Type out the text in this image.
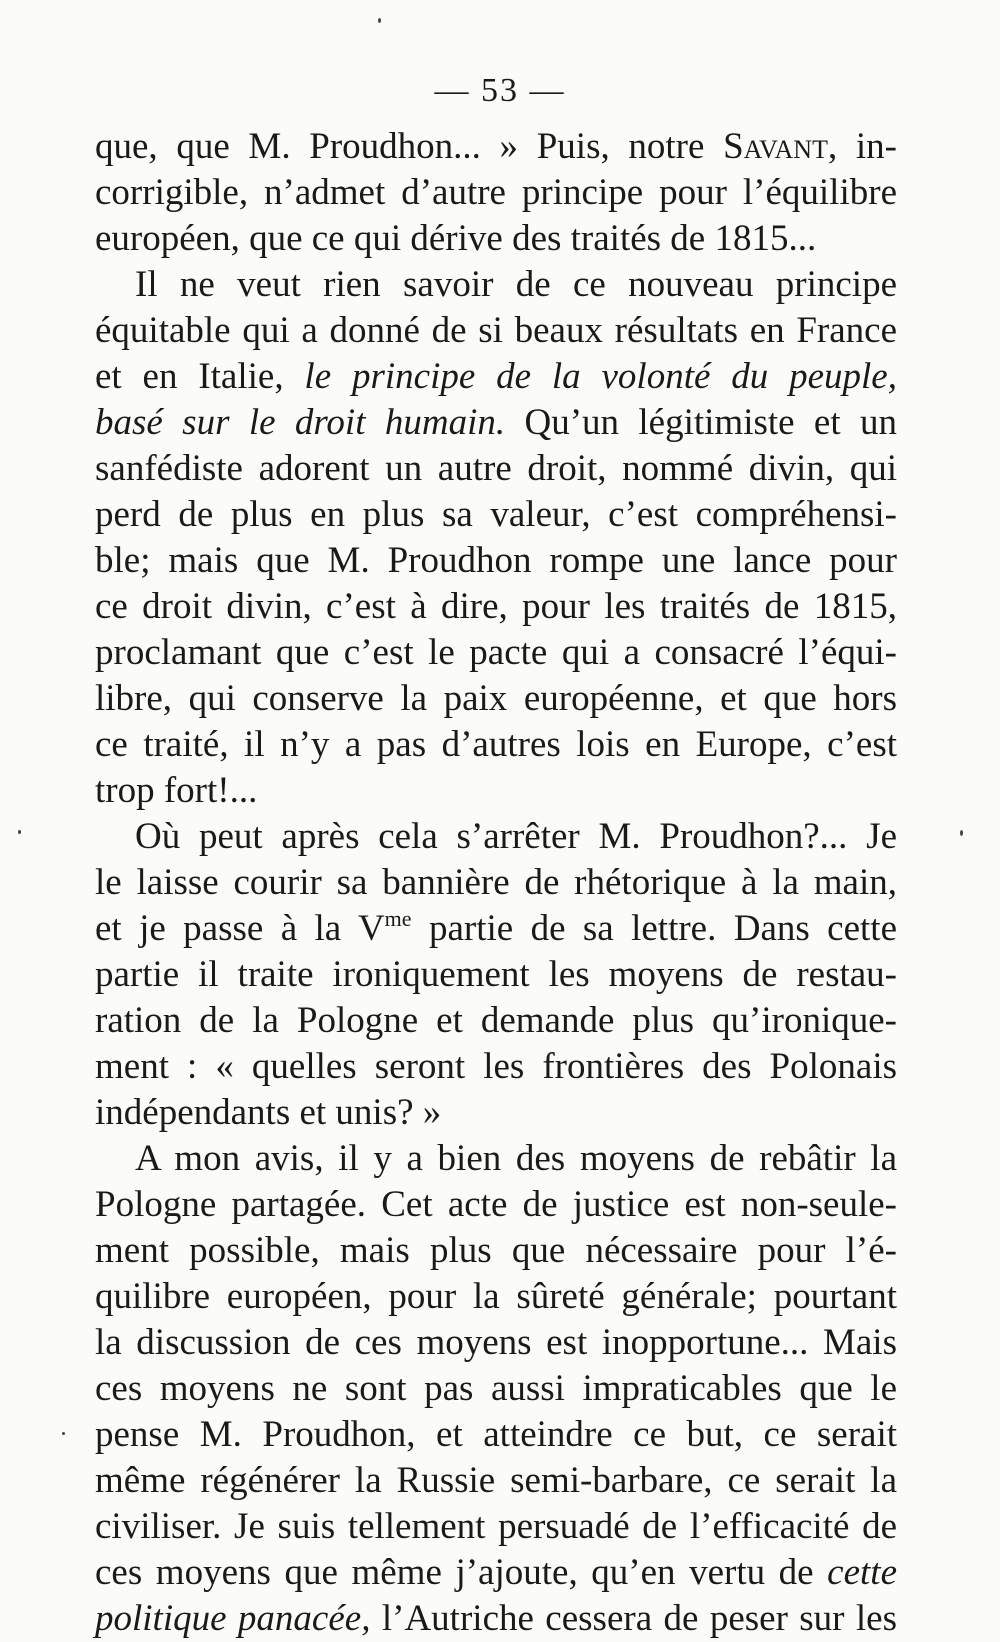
— 53 —
que, que M. Proudhon... » Puis, notre Savant, in-
corrigible, n’admet d’autre principe pour l’équilibre
européen, que ce qui dérive des traités de 1815...
Il ne veut rien savoir de ce nouveau principe
équitable qui a donné de si beaux résultats en France
et en Italie, le principe de la volonté du peuple,
basé sur le droit humain. Qu’un légitimiste et un
sanfédiste adorent un autre droit, nommé divin, qui
perd de plus en plus sa valeur, c’est compréhensi-
ble; mais que M. Proudhon rompe une lance pour
ce droit divin, c’est à dire, pour les traités de 1815,
proclamant que c’est le pacte qui a consacré l’équi-
libre, qui conserve la paix européenne, et que hors
ce traité, il n’y a pas d’autres lois en Europe, c’est
trop fort!...
Où peut après cela s’arrêter M. Proudhon?... Je
le laisse courir sa bannière de rhétorique à la main,
et je passe à la $V^{me}$ partie de sa lettre. Dans cette
partie il traite ironiquement les moyens de restau-
ration de la Pologne et demande plus qu’ironique-
ment : « quelles seront les frontières des Polonais
indépendants et unis? »
A mon avis, il y a bien des moyens de rebâtir la
Pologne partagée. Cet acte de justice est non-seule-
ment possible, mais plus que nécessaire pour l’é-
quilibre européen, pour la sûreté générale; pourtant
la discussion de ces moyens est inopportune... Mais
ces moyens ne sont pas aussi impraticables que le
pense M. Proudhon, et atteindre ce but, ce serait
même régénérer la Russie semi-barbare, ce serait la
civiliser. Je suis tellement persuadé de l’efficacité de
ces moyens que même j’ajoute, qu’en vertu de cette
politique panacée, l’Autriche cessera de peser sur les
